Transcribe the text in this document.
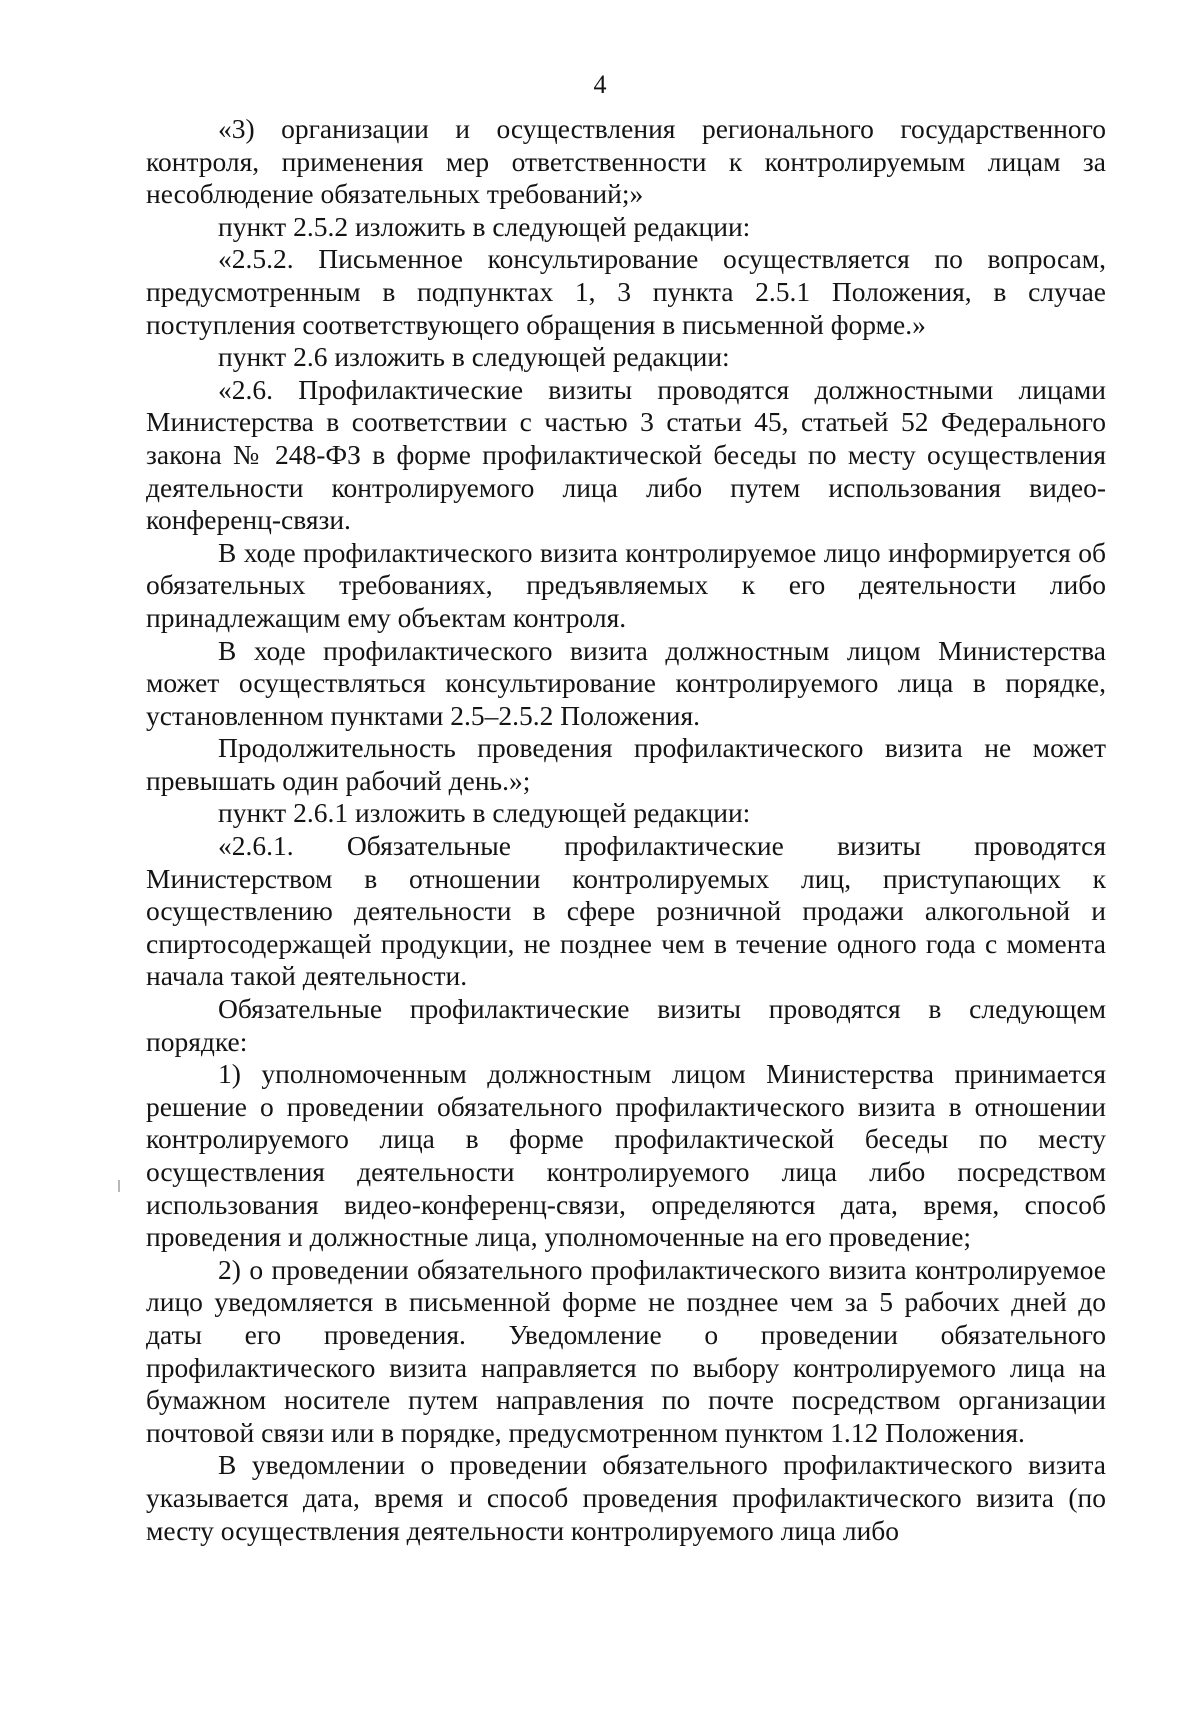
4

«3) организации и осуществления регионального государственного контроля, применения мер ответственности к контролируемым лицам за несоблюдение обязательных требований;»

пункт 2.5.2 изложить в следующей редакции:

«2.5.2. Письменное консультирование осуществляется по вопросам, предусмотренным в подпунктах 1, 3 пункта 2.5.1 Положения, в случае поступления соответствующего обращения в письменной форме.»

пункт 2.6 изложить в следующей редакции:

«2.6. Профилактические визиты проводятся должностными лицами Министерства в соответствии с частью 3 статьи 45, статьей 52 Федерального закона № 248-ФЗ в форме профилактической беседы по месту осуществления деятельности контролируемого лица либо путем использования видео-конференц-связи.

В ходе профилактического визита контролируемое лицо информируется об обязательных требованиях, предъявляемых к его деятельности либо принадлежащим ему объектам контроля.

В ходе профилактического визита должностным лицом Министерства может осуществляться консультирование контролируемого лица в порядке, установленном пунктами 2.5–2.5.2 Положения.

Продолжительность проведения профилактического визита не может превышать один рабочий день.»;

пункт 2.6.1 изложить в следующей редакции:

«2.6.1. Обязательные профилактические визиты проводятся Министерством в отношении контролируемых лиц, приступающих к осуществлению деятельности в сфере розничной продажи алкогольной и спиртосодержащей продукции, не позднее чем в течение одного года с момента начала такой деятельности.

Обязательные профилактические визиты проводятся в следующем порядке:

1) уполномоченным должностным лицом Министерства принимается решение о проведении обязательного профилактического визита в отношении контролируемого лица в форме профилактической беседы по месту осуществления деятельности контролируемого лица либо посредством использования видео-конференц-связи, определяются дата, время, способ проведения и должностные лица, уполномоченные на его проведение;

2) о проведении обязательного профилактического визита контролируемое лицо уведомляется в письменной форме не позднее чем за 5 рабочих дней до даты его проведения. Уведомление о проведении обязательного профилактического визита направляется по выбору контролируемого лица на бумажном носителе путем направления по почте посредством организации почтовой связи или в порядке, предусмотренном пунктом 1.12 Положения.

В уведомлении о проведении обязательного профилактического визита указывается дата, время и способ проведения профилактического визита (по месту осуществления деятельности контролируемого лица либо
